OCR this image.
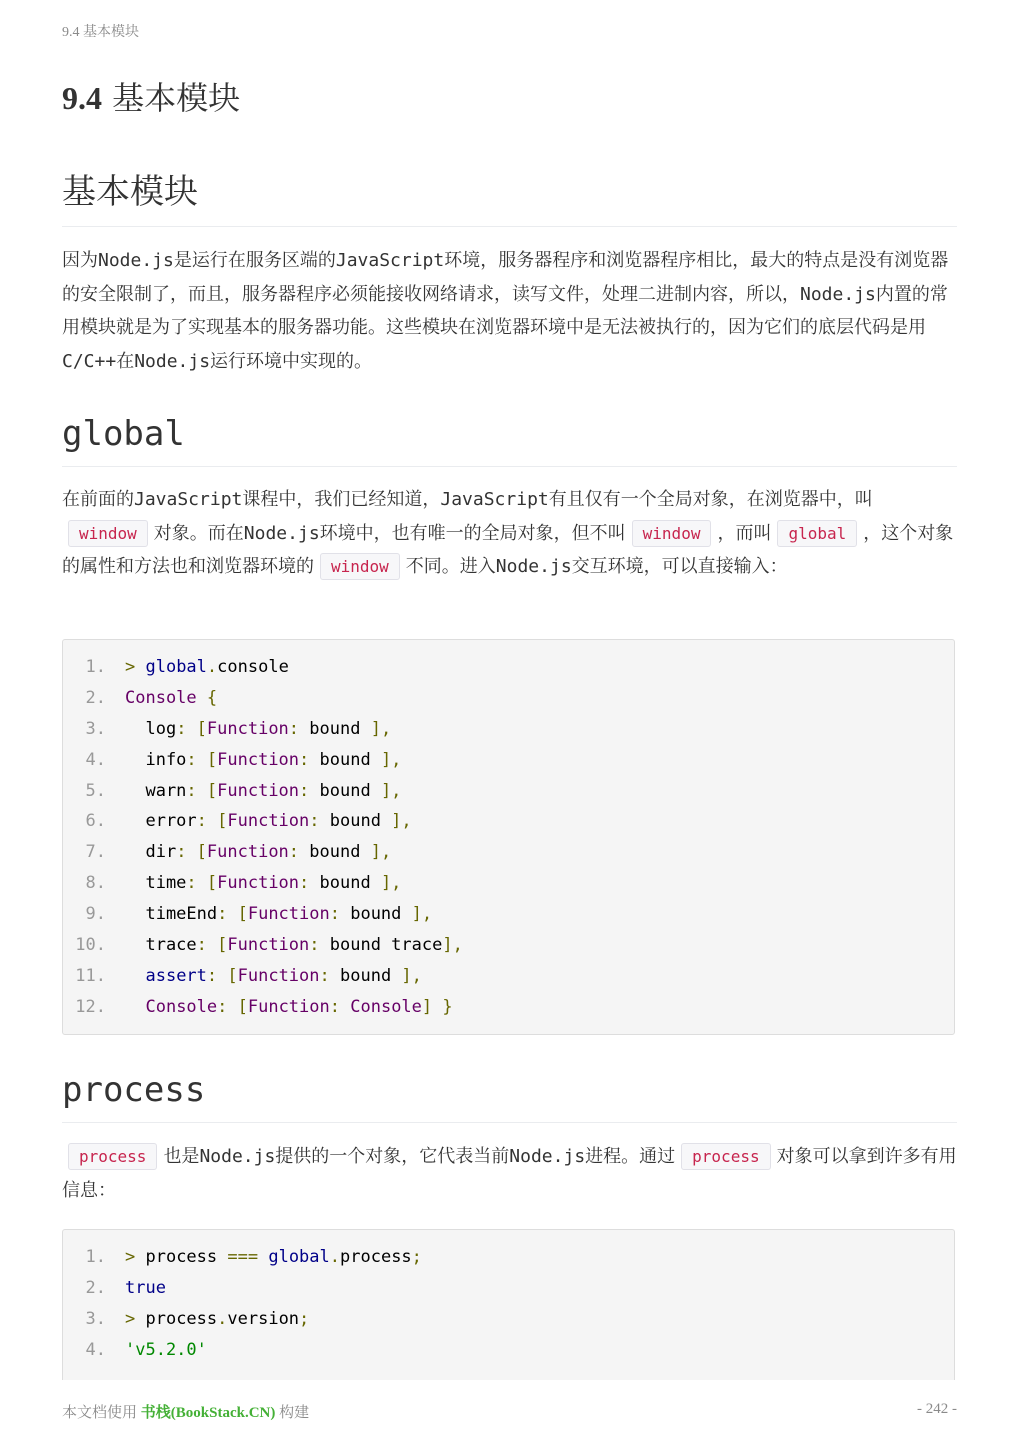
9.4 基本模块
9.4 基本模块
基本模块

因为Node.js是运行在服务区端的JavaScript环境，服务器程序和浏览器程序相比，最大的特点是没有浏览器的安全限制了，而且，服务器程序必须能接收网络请求，读写文件，处理二进制内容，所以，Node.js内置的常用模块就是为了实现基本的服务器功能。这些模块在浏览器环境中是无法被执行的，因为它们的底层代码是用C/C++在Node.js运行环境中实现的。

global

在前面的JavaScript课程中，我们已经知道，JavaScript有且仅有一个全局对象，在浏览器中，叫window 对象。而在Node.js环境中，也有唯一的全局对象，但不叫 window ，而叫 global ，这个对象的属性和方法也和浏览器环境的 window 不同。进入Node.js交互环境，可以直接输入：

1. > global.console
2. Console {
3. log: [Function: bound ],
4. info: [Function: bound ],
5. warn: [Function: bound ],
6. error: [Function: bound ],
7. dir: [Function: bound ],
8. time: [Function: bound ],
9. timeEnd: [Function: bound ],
10. trace: [Function: bound trace],
11.	assert: [Function: bound ],
12.	Console: [Function: Console] }
process

process 也是Node.js提供的一个对象，它代表当前Node.js进程。通过 process 对象可以拿到许多有用信息：

1. > process === global.process;
2. true
3. > process.version;
4. 'v5.2.0'
本文档使用 书栈(BookStack.CN) 构建	- 242 -
